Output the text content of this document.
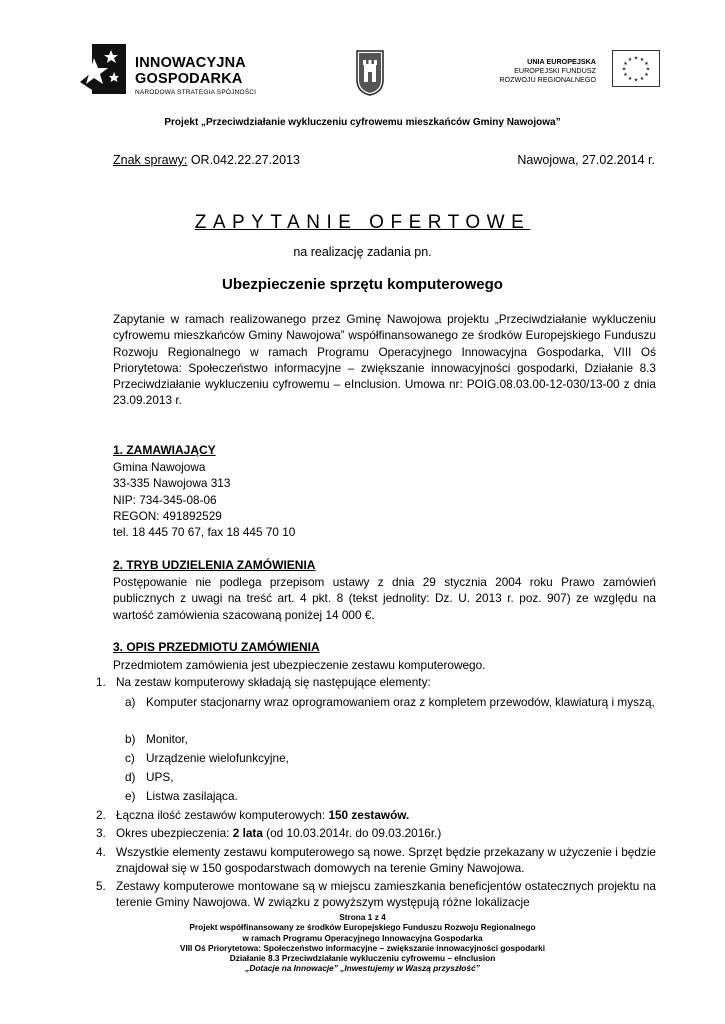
INNOWACYJNA
GOSPODARKA
NARODOWA STRATEGIA SPÓJNOŚCI
UNIA EUROPEJSKA
EUROPEJSKI FUNDUSZ
ROZWOJU REGIONALNEGO
★ ★
★
★
★
★
★
★
★
★
★
★
Projekt „Przeciwdziałanie wykluczeniu cyfrowemu mieszkańców Gminy Nawojowa”
Znak sprawy: OR.042.22.27.2013	Nawojowa, 27.02.2014 r.
ZAPYTANIE OFERTOWE
na realizację zadania pn.
Ubezpieczenie sprzętu komputerowego
Zapytanie w ramach realizowanego przez Gminę Nawojowa projektu „Przeciwdziałanie wykluczeniu cyfrowemu mieszkańców Gminy Nawojowa” współfinansowanego ze środków Europejskiego Funduszu Rozwoju Regionalnego w ramach Programu Operacyjnego Innowacyjna Gospodarka, VIII Oś Priorytetowa: Społeczeństwo informacyjne – zwiększanie innowacyjności gospodarki, Działanie 8.3 Przeciwdziałanie wykluczeniu cyfrowemu – eInclusion. Umowa nr: POIG.08.03.00-12-030/13-00 z dnia 23.09.2013 r.
1. ZAMAWIAJĄCY
Gmina Nawojowa
33-335 Nawojowa 313
NIP: 734-345-08-06
REGON: 491892529
tel. 18 445 70 67, fax 18 445 70 10
2. TRYB UDZIELENIA ZAMÓWIENIA
Postępowanie nie podlega przepisom ustawy z dnia 29 stycznia 2004 roku Prawo zamówień publicznych z uwagi na treść art. 4 pkt. 8 (tekst jednolity: Dz. U. 2013 r. poz. 907) ze względu na wartość zamówienia szacowaną poniżej 14 000 €.
3. OPIS PRZEDMIOTU ZAMÓWIENIA
Przedmiotem zamówienia jest ubezpieczenie zestawu komputerowego.
1. Na zestaw komputerowy składają się następujące elementy:
a) Komputer stacjonarny wraz oprogramowaniem oraz z kompletem przewodów, klawiaturą i myszą,
b) Monitor,
c) Urządzenie wielofunkcyjne,
d) UPS,
e) Listwa zasilająca.
2. Łączna ilość zestawów komputerowych: 150 zestawów.
3. Okres ubezpieczenia: 2 lata (od 10.03.2014r. do 09.03.2016r.)
4. Wszystkie elementy zestawu komputerowego są nowe. Sprzęt będzie przekazany w użyczenie i będzie znajdował się w 150 gospodarstwach domowych na terenie Gminy Nawojowa.
5. Zestawy komputerowe montowane są w miejscu zamieszkania beneficjentów ostatecznych projektu na terenie Gminy Nawojowa. W związku z powyższym występują różne lokalizacje
Strona 1 z 4
Projekt współfinansowany ze środków Europejskiego Funduszu Rozwoju Regionalnego
w ramach Programu Operacyjnego Innowacyjna Gospodarka
VIII Oś Priorytetowa: Społeczeństwo informacyjne – zwiększanie innowacyjności gospodarki
Działanie 8.3 Przeciwdziałanie wykluczeniu cyfrowemu – eInclusion
„Dotacje na Innowacje” „Inwestujemy w Waszą przyszłość”
